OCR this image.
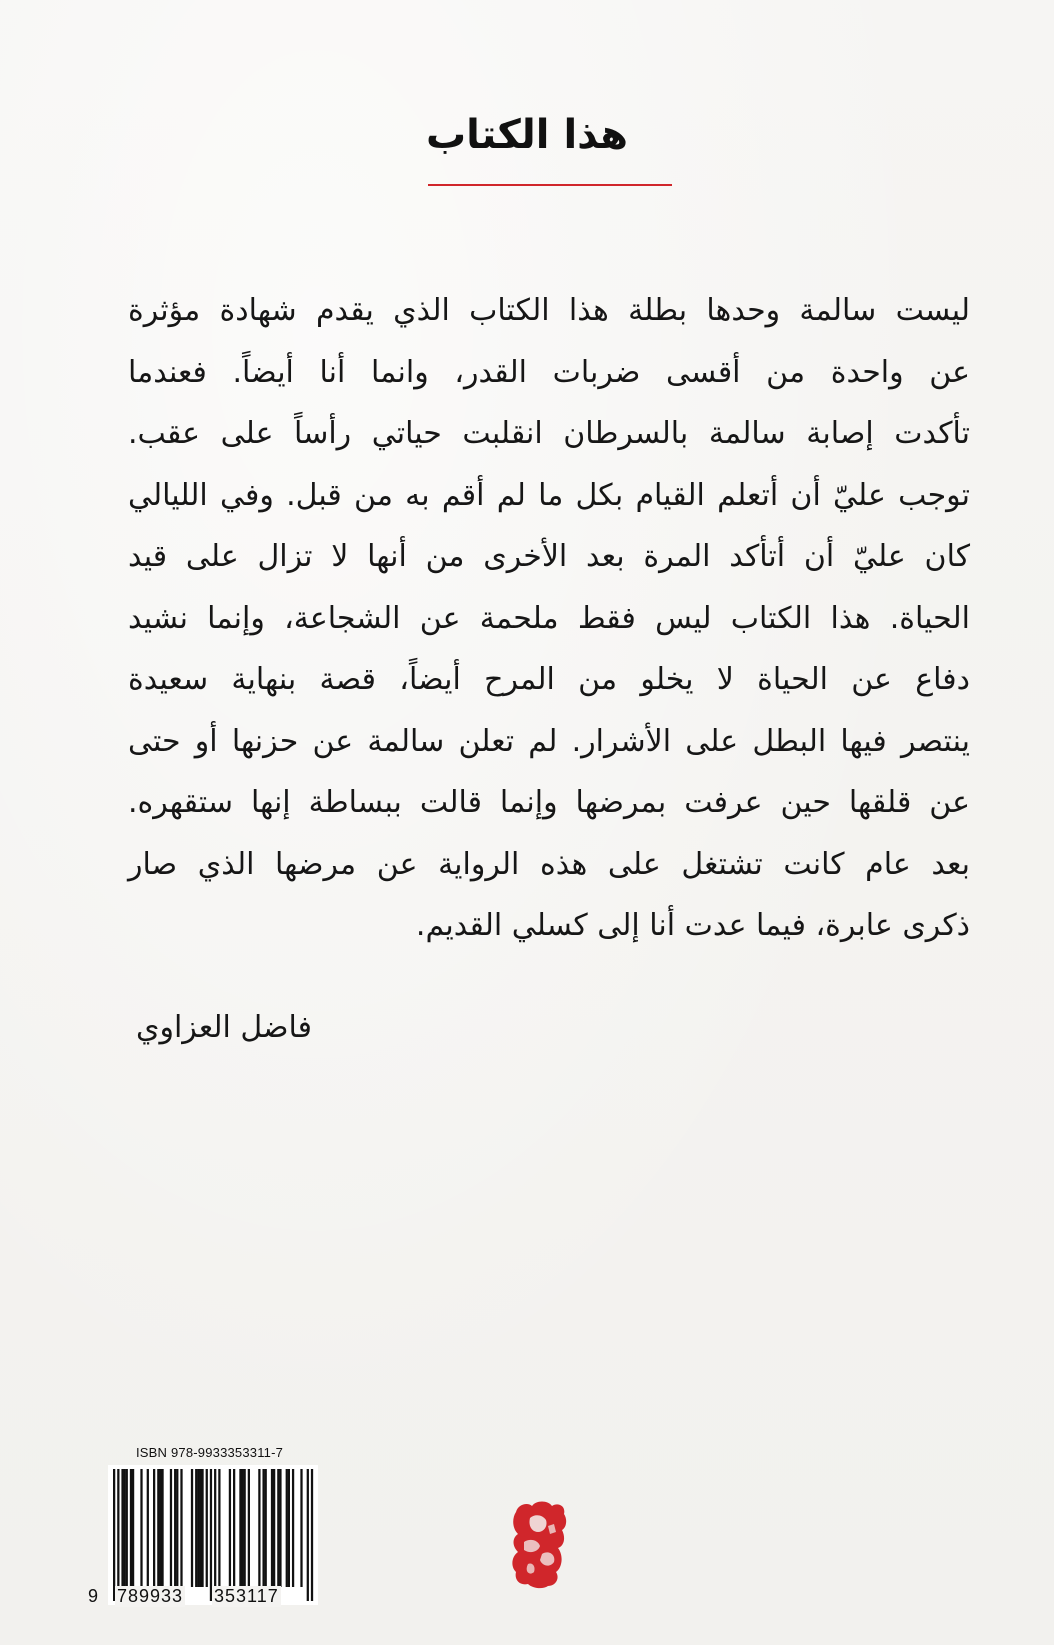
هذا الكتاب
ليست سالمة وحدها بطلة هذا الكتاب الذي يقدم شهادة مؤثرة
عن واحدة من أقسى ضربات القدر، وانما أنا أيضاً. فعندما
تأكدت إصابة سالمة بالسرطان انقلبت حياتي رأساً على عقب.
توجب عليّ أن أتعلم القيام بكل ما لم أقم به من قبل. وفي الليالي
كان عليّ أن أتأكد المرة بعد الأخرى من أنها لا تزال على قيد
الحياة. هذا الكتاب ليس فقط ملحمة عن الشجاعة، وإنما نشيد
دفاع عن الحياة لا يخلو من المرح أيضاً، قصة بنهاية سعيدة
ينتصر فيها البطل على الأشرار. لم تعلن سالمة عن حزنها أو حتى
عن قلقها حين عرفت بمرضها وإنما قالت ببساطة إنها ستقهره.
بعد عام كانت تشتغل على هذه الرواية عن مرضها الذي صار
ذكرى عابرة، فيما عدت أنا إلى كسلي القديم.
فاضل العزاوي
ISBN 978-9933353311-7
9 789933 353117
